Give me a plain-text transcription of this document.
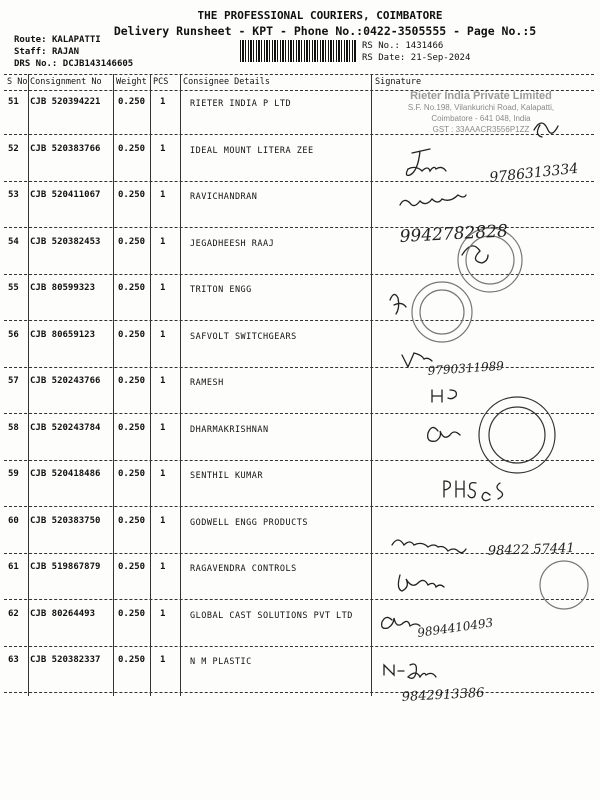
THE PROFESSIONAL COURIERS, COIMBATORE
Delivery Runsheet - KPT - Phone No.:0422-3505555 - Page No.:5
Route: KALAPATTI
Staff: RAJAN
DRS No.: DCJB143146605
RS No.: 1431466
RS Date: 21-Sep-2024
S No Consignment No Weight PCS Consignee Details	Signature
51 CJB 520394221 0.250 1	RIETER INDIA P LTD
52 CJB 520383766 0.250 1	IDEAL MOUNT LITERA ZEE
53 CJB 520411067 0.250 1	RAVICHANDRAN
54 CJB 520382453 0.250 1	JEGADHEESH RAAJ
55 CJB 80599323	0.250 1	TRITON ENGG
56 CJB 80659123	0.250 1	SAFVOLT SWITCHGEARS
57 CJB 520243766 0.250 1	RAMESH
58 CJB 520243784 0.250 1	DHARMAKRISHNAN
59 CJB 520418486 0.250 1	SENTHIL KUMAR
60 CJB 520383750 0.250 1	GODWELL ENGG PRODUCTS
61 CJB 519867879 0.250 1	RAGAVENDRA CONTROLS
62 CJB 80264493	0.250 1	GLOBAL CAST SOLUTIONS PVT LTD
63 CJB 520382337 0.250 1	N M PLASTIC
Rieter India Private Limited
S.F. No.198, Vilankurichi Road, Kalapatti,
Coimbatore - 641 048, India
GST : 33AAACR3556P1ZZ
9786313334
9942782828
9790311989
98422 57441
9894410493
9842913386
